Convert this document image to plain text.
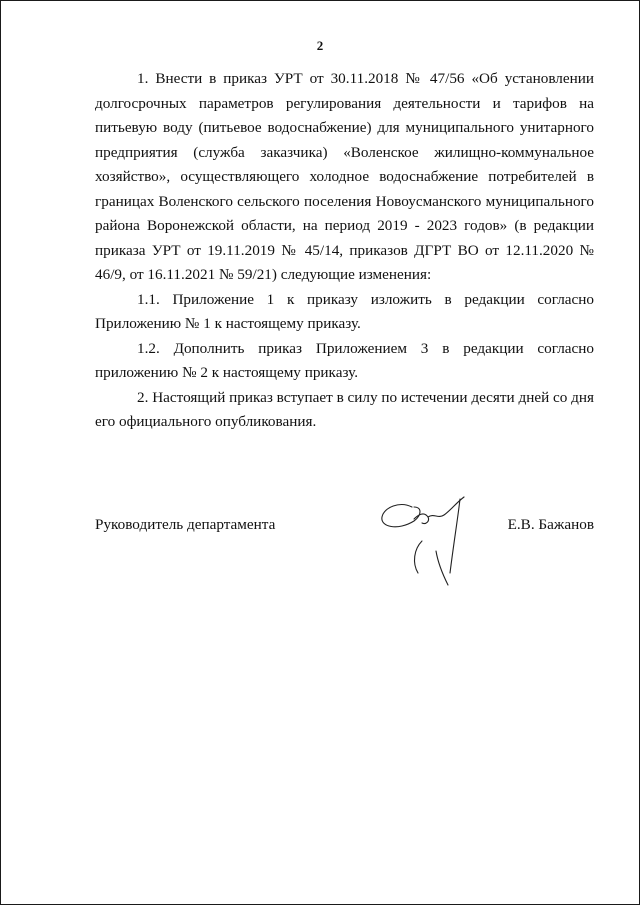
2

1. Внести в приказ УРТ от 30.11.2018 № 47/56 «Об установлении долгосрочных параметров регулирования деятельности и тарифов на питьевую воду (питьевое водоснабжение) для муниципального унитарного предприятия (служба заказчика) «Воленское жилищно-коммунальное хозяйство», осуществляющего холодное водоснабжение потребителей в границах Воленского сельского поселения Новоусманского муниципального района Воронежской области, на период 2019 - 2023 годов» (в редакции приказа УРТ от 19.11.2019 № 45/14, приказов ДГРТ ВО от 12.11.2020 № 46/9, от 16.11.2021 № 59/21) следующие изменения:

1.1. Приложение 1 к приказу изложить в редакции согласно Приложению № 1 к настоящему приказу.

1.2. Дополнить приказ Приложением 3 в редакции согласно приложению № 2 к настоящему приказу.

2. Настоящий приказ вступает в силу по истечении десяти дней со дня его официального опубликования.

Руководитель департамента	Е.В. Бажанов
